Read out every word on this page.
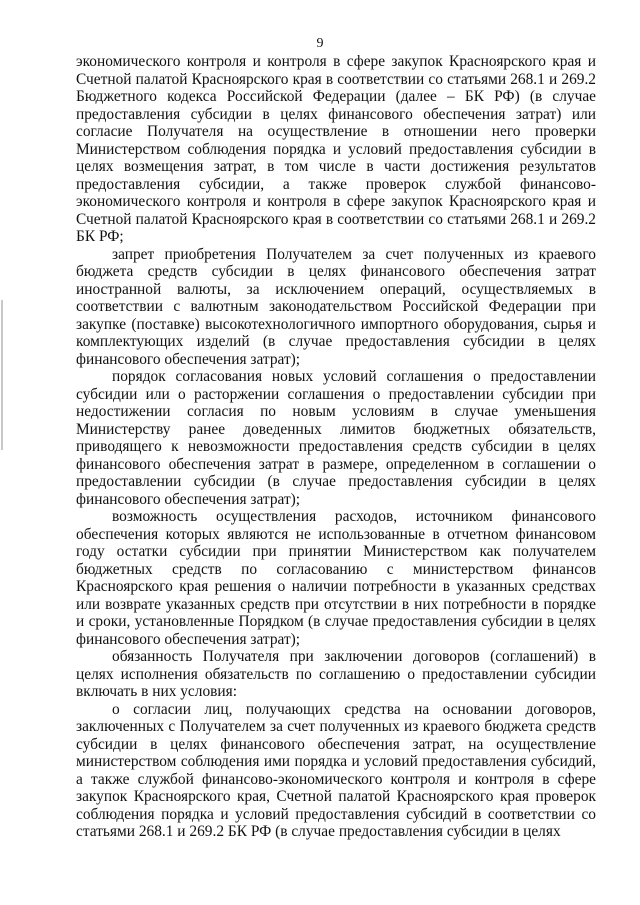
9

экономического контроля и контроля в сфере закупок Красноярского края и Счетной палатой Красноярского края в соответствии со статьями 268.1 и 269.2 Бюджетного кодекса Российской Федерации (далее – БК РФ) (в случае предоставления субсидии в целях финансового обеспечения затрат) или согласие Получателя на осуществление в отношении него проверки Министерством соблюдения порядка и условий предоставления субсидии в целях возмещения затрат, в том числе в части достижения результатов предоставления субсидии, а также проверок службой финансово-экономического контроля и контроля в сфере закупок Красноярского края и Счетной палатой Красноярского края в соответствии со статьями 268.1 и 269.2 БК РФ;

запрет приобретения Получателем за счет полученных из краевого бюджета средств субсидии в целях финансового обеспечения затрат иностранной валюты, за исключением операций, осуществляемых в соответствии с валютным законодательством Российской Федерации при закупке (поставке) высокотехнологичного импортного оборудования, сырья и комплектующих изделий (в случае предоставления субсидии в целях финансового обеспечения затрат);

порядок согласования новых условий соглашения о предоставлении субсидии или о расторжении соглашения о предоставлении субсидии при недостижении согласия по новым условиям в случае уменьшения Министерству ранее доведенных лимитов бюджетных обязательств, приводящего к невозможности предоставления средств субсидии в целях финансового обеспечения затрат в размере, определенном в соглашении о предоставлении субсидии (в случае предоставления субсидии в целях финансового обеспечения затрат);

возможность осуществления расходов, источником финансового обеспечения которых являются не использованные в отчетном финансовом году остатки субсидии при принятии Министерством как получателем бюджетных средств по согласованию с министерством финансов Красноярского края решения о наличии потребности в указанных средствах или возврате указанных средств при отсутствии в них потребности в порядке и сроки, установленные Порядком (в случае предоставления субсидии в целях финансового обеспечения затрат);

обязанность Получателя при заключении договоров (соглашений) в целях исполнения обязательств по соглашению о предоставлении субсидии включать в них условия:

о согласии лиц, получающих средства на основании договоров, заключенных с Получателем за счет полученных из краевого бюджета средств субсидии в целях финансового обеспечения затрат, на осуществление министерством соблюдения ими порядка и условий предоставления субсидий, а также службой финансово-экономического контроля и контроля в сфере закупок Красноярского края, Счетной палатой Красноярского края проверок соблюдения порядка и условий предоставления субсидий в соответствии со статьями 268.1 и 269.2 БК РФ (в случае предоставления субсидии в целях
